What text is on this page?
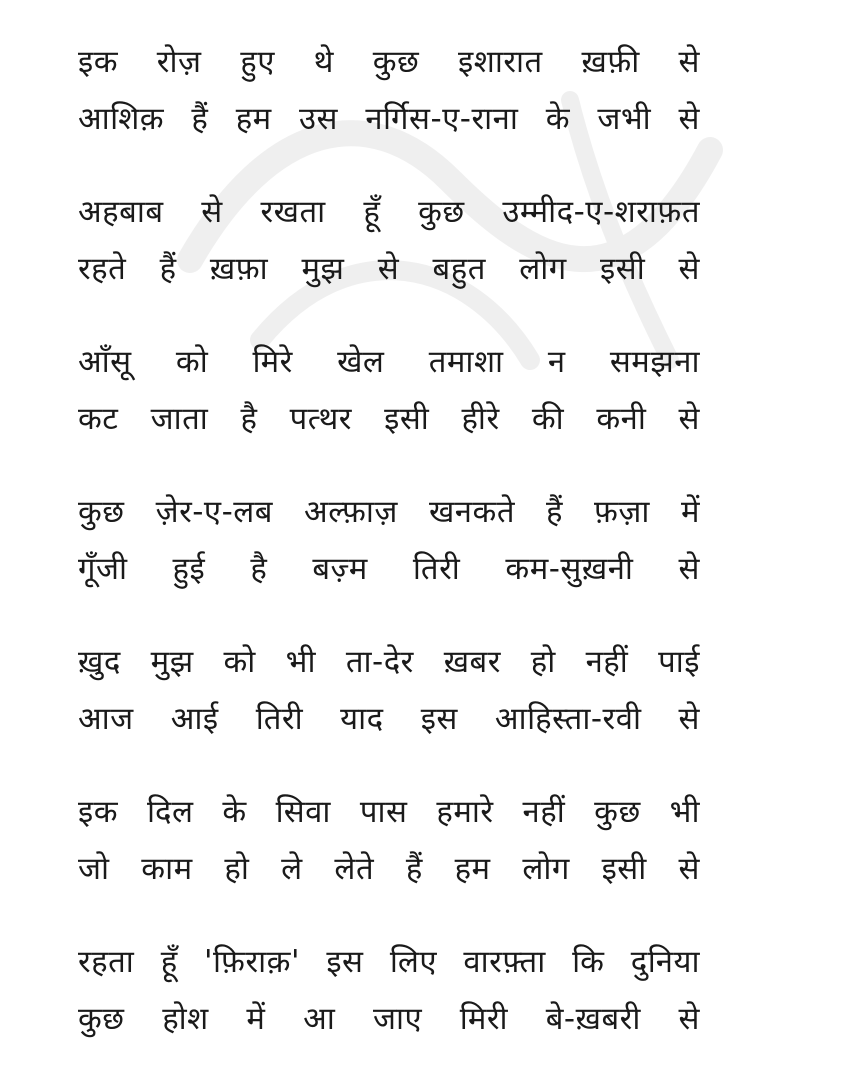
इक रोज़ हुए थे कुछ इशारात ख़फ़ी से
आशिक़ हैं हम उस नर्गिस-ए-राना के जभी से
अहबाब से रखता हूँ कुछ उम्मीद-ए-शराफ़त
रहते हैं ख़फ़ा मुझ से बहुत लोग इसी से
आँसू को मिरे खेल तमाशा न समझना
कट जाता है पत्थर इसी हीरे की कनी से
कुछ ज़ेर-ए-लब अल्फ़ाज़ खनकते हैं फ़ज़ा में
गूँजी हुई है बज़्म तिरी कम-सुख़नी से
ख़ुद मुझ को भी ता-देर ख़बर हो नहीं पाई
आज आई तिरी याद इस आहिस्ता-रवी से
इक दिल के सिवा पास हमारे नहीं कुछ भी
जो काम हो ले लेते हैं हम लोग इसी से
रहता हूँ 'फ़िराक़' इस लिए वारफ़्ता कि दुनिया
कुछ होश में आ जाए मिरी बे-ख़बरी से
